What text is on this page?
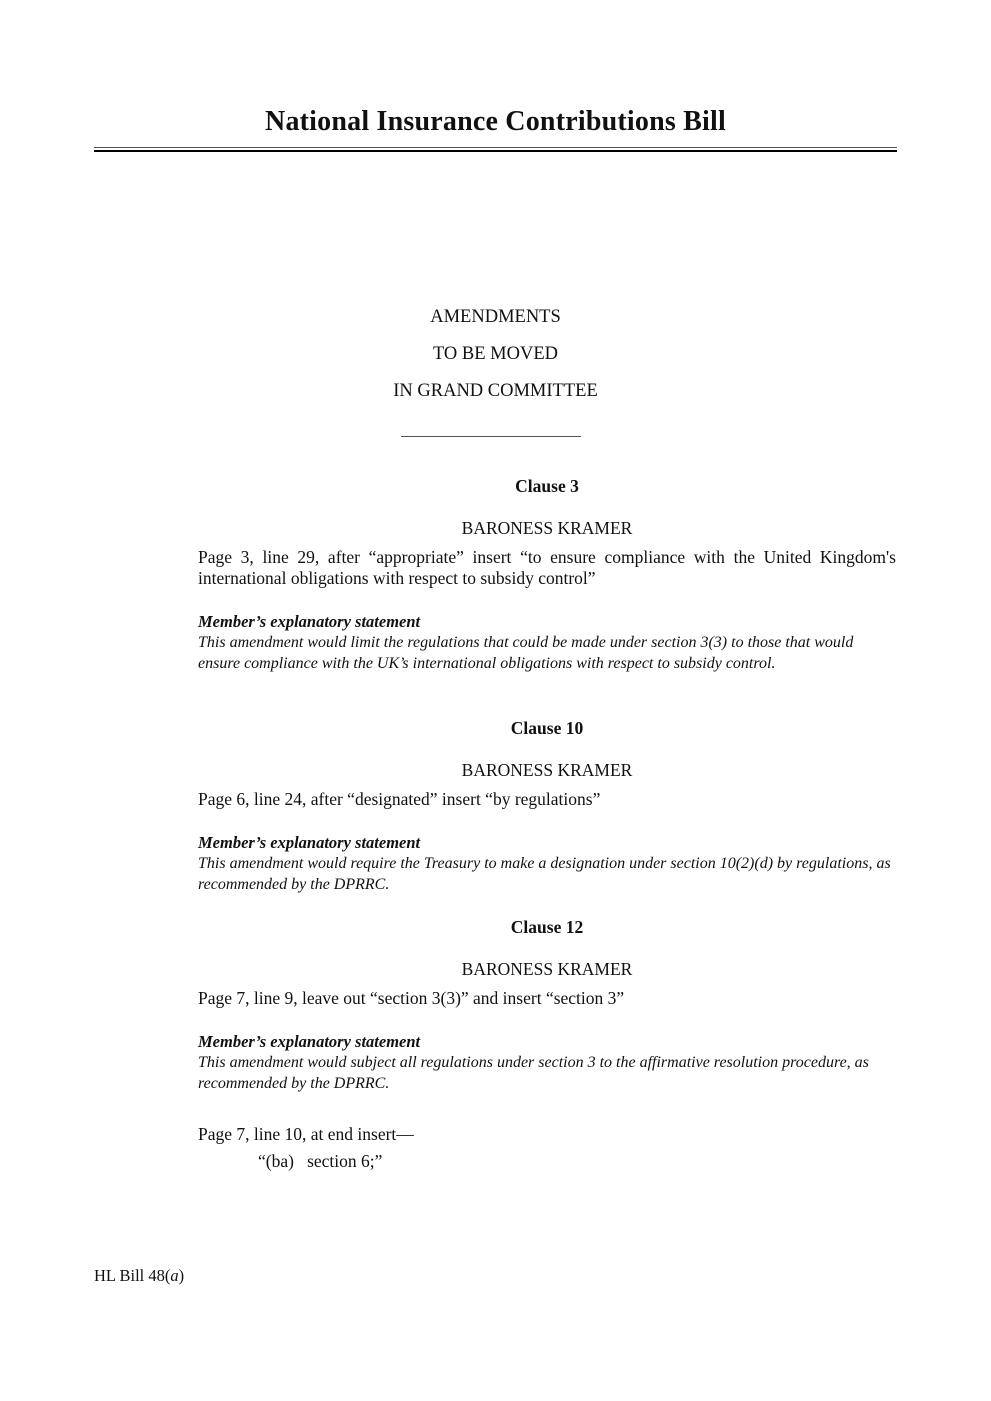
National Insurance Contributions Bill
AMENDMENTS
TO BE MOVED
IN GRAND COMMITTEE
Clause 3
BARONESS KRAMER
Page 3, line 29, after “appropriate” insert “to ensure compliance with the United Kingdom's international obligations with respect to subsidy control”
Member’s explanatory statement
This amendment would limit the regulations that could be made under section 3(3) to those that would ensure compliance with the UK’s international obligations with respect to subsidy control.
Clause 10
BARONESS KRAMER
Page 6, line 24, after “designated” insert “by regulations”
Member’s explanatory statement
This amendment would require the Treasury to make a designation under section 10(2)(d) by regulations, as recommended by the DPRRC.
Clause 12
BARONESS KRAMER
Page 7, line 9, leave out “section 3(3)” and insert “section 3”
Member’s explanatory statement
This amendment would subject all regulations under section 3 to the affirmative resolution procedure, as recommended by the DPRRC.
Page 7, line 10, at end insert—
“(ba)  section 6;”
HL Bill 48(a)
